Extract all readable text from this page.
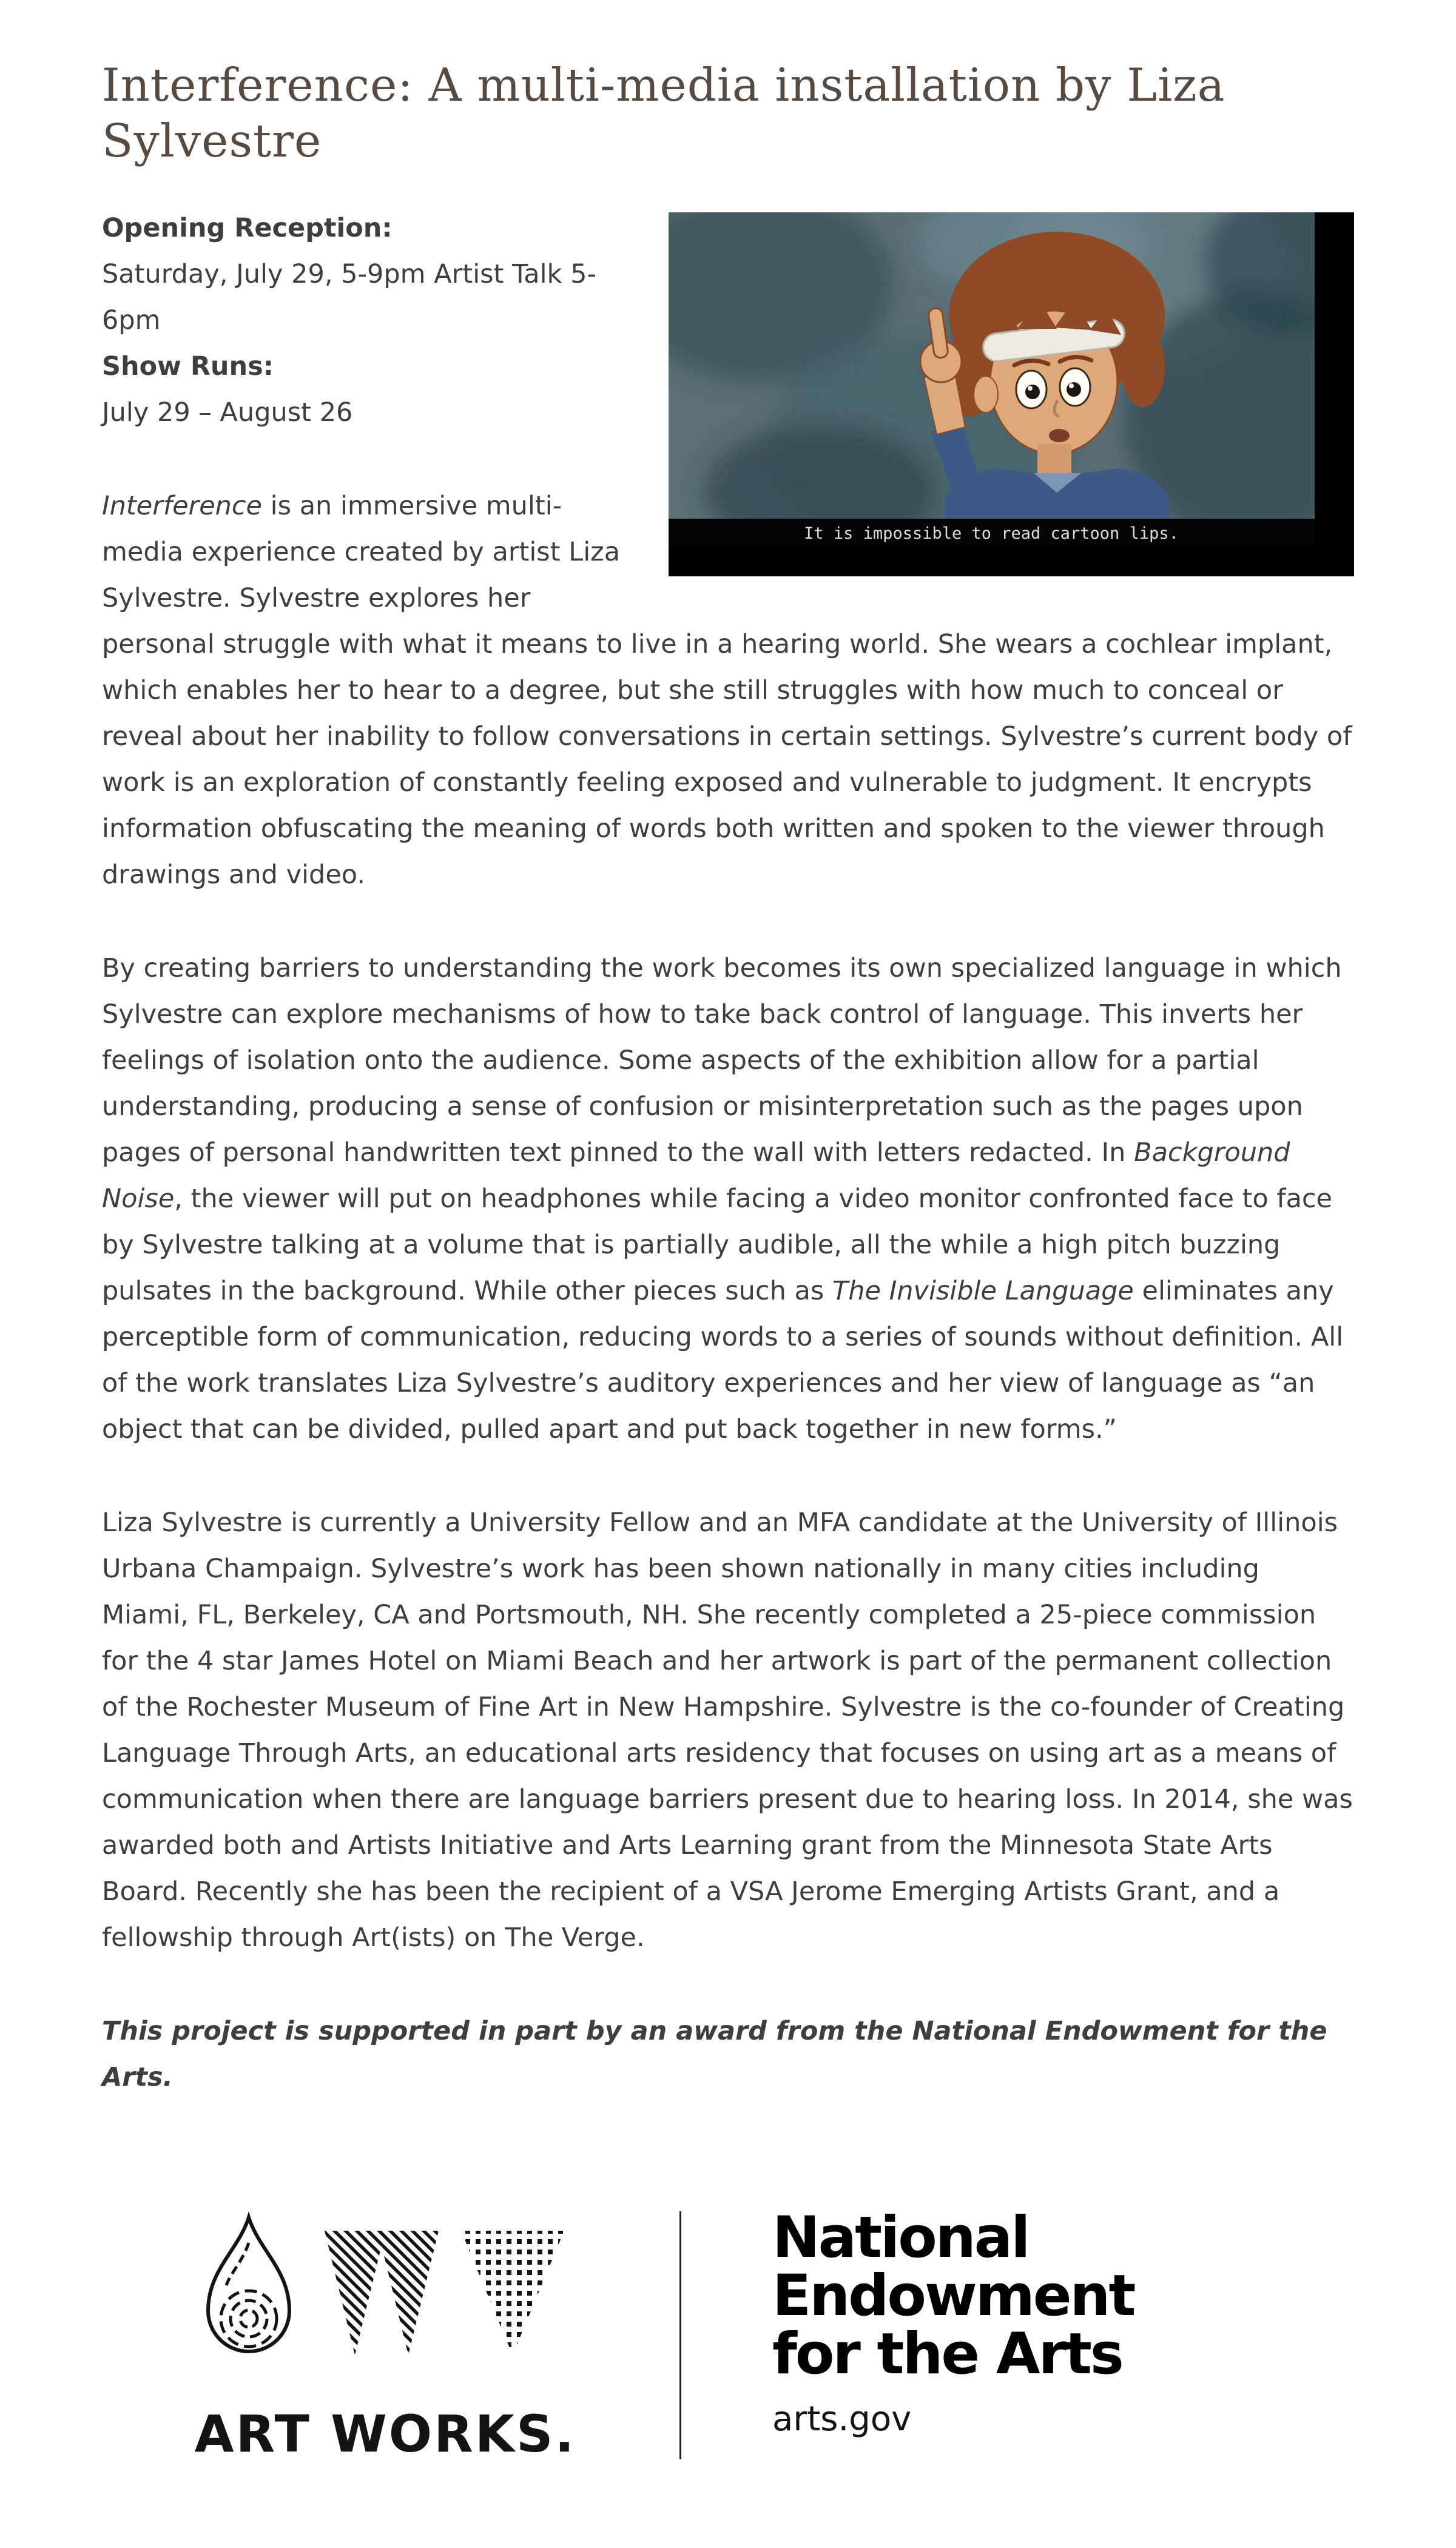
Interference: A multi-media installation by Liza
Sylvestre
It is impossible to read cartoon lips.

Opening Reception:
Saturday, July 29, 5-9pm Artist Talk 5-6pm
Show Runs:
July 29 – August 26

Interference is an immersive multi-media experience created by artist Liza Sylvestre. Sylvestre explores her personal struggle with what it means to live in a hearing world. She wears a cochlear implant, which enables her to hear to a degree, but she still struggles with how much to conceal or reveal about her inability to follow conversations in certain settings. Sylvestre’s current body of work is an exploration of constantly feeling exposed and vulnerable to judgment. It encrypts information obfuscating the meaning of words both written and spoken to the viewer through drawings and video.

By creating barriers to understanding the work becomes its own specialized language in which Sylvestre can explore mechanisms of how to take back control of language. This inverts her feelings of isolation onto the audience. Some aspects of the exhibition allow for a partial understanding, producing a sense of confusion or misinterpretation such as the pages upon pages of personal handwritten text pinned to the wall with letters redacted. In Background Noise, the viewer will put on headphones while facing a video monitor confronted face to face by Sylvestre talking at a volume that is partially audible, all the while a high pitch buzzing pulsates in the background. While other pieces such as The Invisible Language eliminates any perceptible form of communication, reducing words to a series of sounds without definition. All of the work translates Liza Sylvestre’s auditory experiences and her view of language as “an object that can be divided, pulled apart and put back together in new forms.”

Liza Sylvestre is currently a University Fellow and an MFA candidate at the University of Illinois Urbana Champaign. Sylvestre’s work has been shown nationally in many cities including Miami, FL, Berkeley, CA and Portsmouth, NH. She recently completed a 25-piece commission for the 4 star James Hotel on Miami Beach and her artwork is part of the permanent collection of the Rochester Museum of Fine Art in New Hampshire. Sylvestre is the co-founder of Creating Language Through Arts, an educational arts residency that focuses on using art as a means of communication when there are language barriers present due to hearing loss. In 2014, she was awarded both and Artists Initiative and Arts Learning grant from the Minnesota State Arts Board. Recently she has been the recipient of a VSA Jerome Emerging Artists Grant, and a fellowship through Art(ists) on The Verge.

This project is supported in part by an award from the National Endowment for the Arts.

ART WORKS.
National
Endowment
for the Arts
arts.gov
